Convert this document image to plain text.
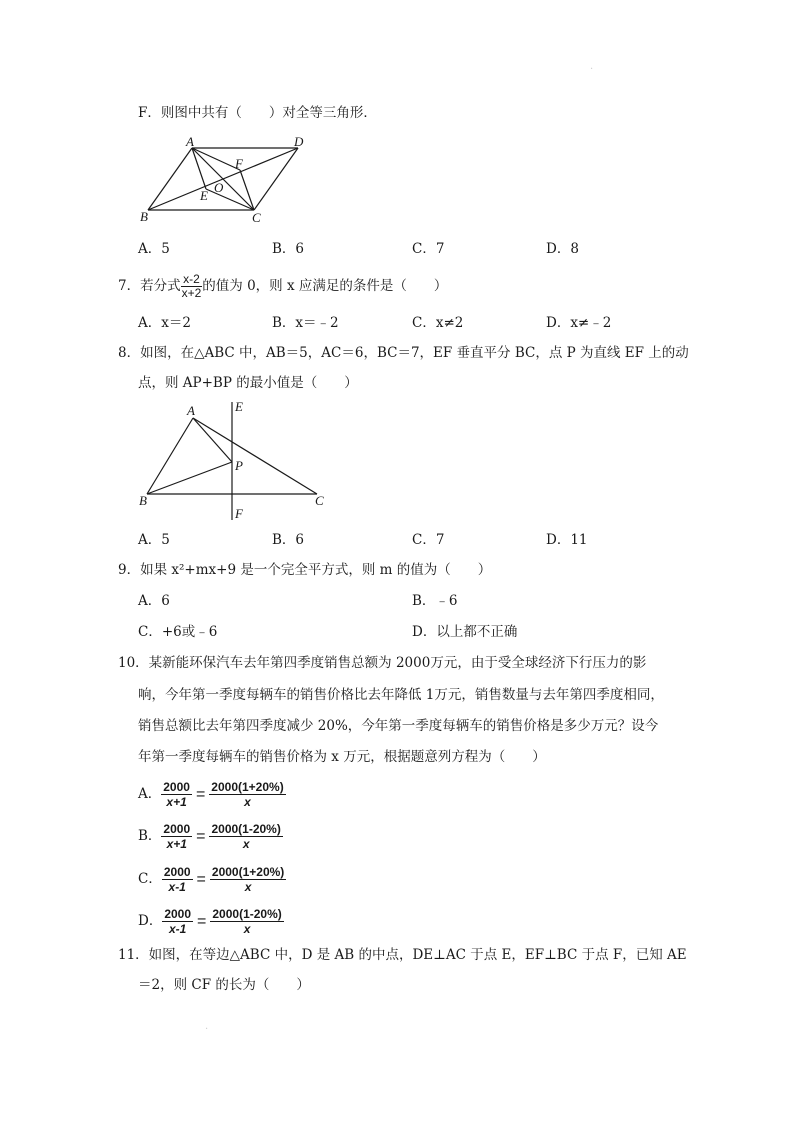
F．则图中共有（　　）对全等三角形．
A	D
B	C
E
F
O
A．5	B．6	C．7	D．8
7．若分式 $\frac{x-2}{x+2}$ 的值为 0，则 x 应满足的条件是（　　）
A．x＝2	B．x＝﹣2	C．x≠2	D．x≠﹣2
8．如图，在△ABC 中，AB＝5，AC＝6，BC＝7，EF 垂直平分 BC，点 P 为直线 EF 上的动
点，则 AP+BP 的最小值是（　　）
A	E
P
B	C
F
A．5	B．6	C．7	D．11
9．如果 x²+mx+9 是一个完全平方式，则 m 的值为（　　）
A．6	B．﹣6
C．+6或﹣6	D．以上都不正确
10．某新能环保汽车去年第四季度销售总额为 2000万元，由于受全球经济下行压力的影
响，今年第一季度每辆车的销售价格比去年降低 1万元，销售数量与去年第四季度相同，
销售总额比去年第四季度减少 20%，今年第一季度每辆车的销售价格是多少万元？设今
年第一季度每辆车的销售价格为 x 万元，根据题意列方程为（　　）
A． $\frac{2000}{x+1} = \frac{2000(1+20\%)}{x}$
B． $\frac{2000}{x+1} = \frac{2000(1-20\%)}{x}$
C． $\frac{2000}{x-1} = \frac{2000(1+20\%)}{x}$
D． $\frac{2000}{x-1} = \frac{2000(1-20\%)}{x}$
11．如图，在等边△ABC 中，D 是 AB 的中点，DE⊥AC 于点 E，EF⊥BC 于点 F，已知 AE
＝2，则 CF 的长为（　　）
·
·
